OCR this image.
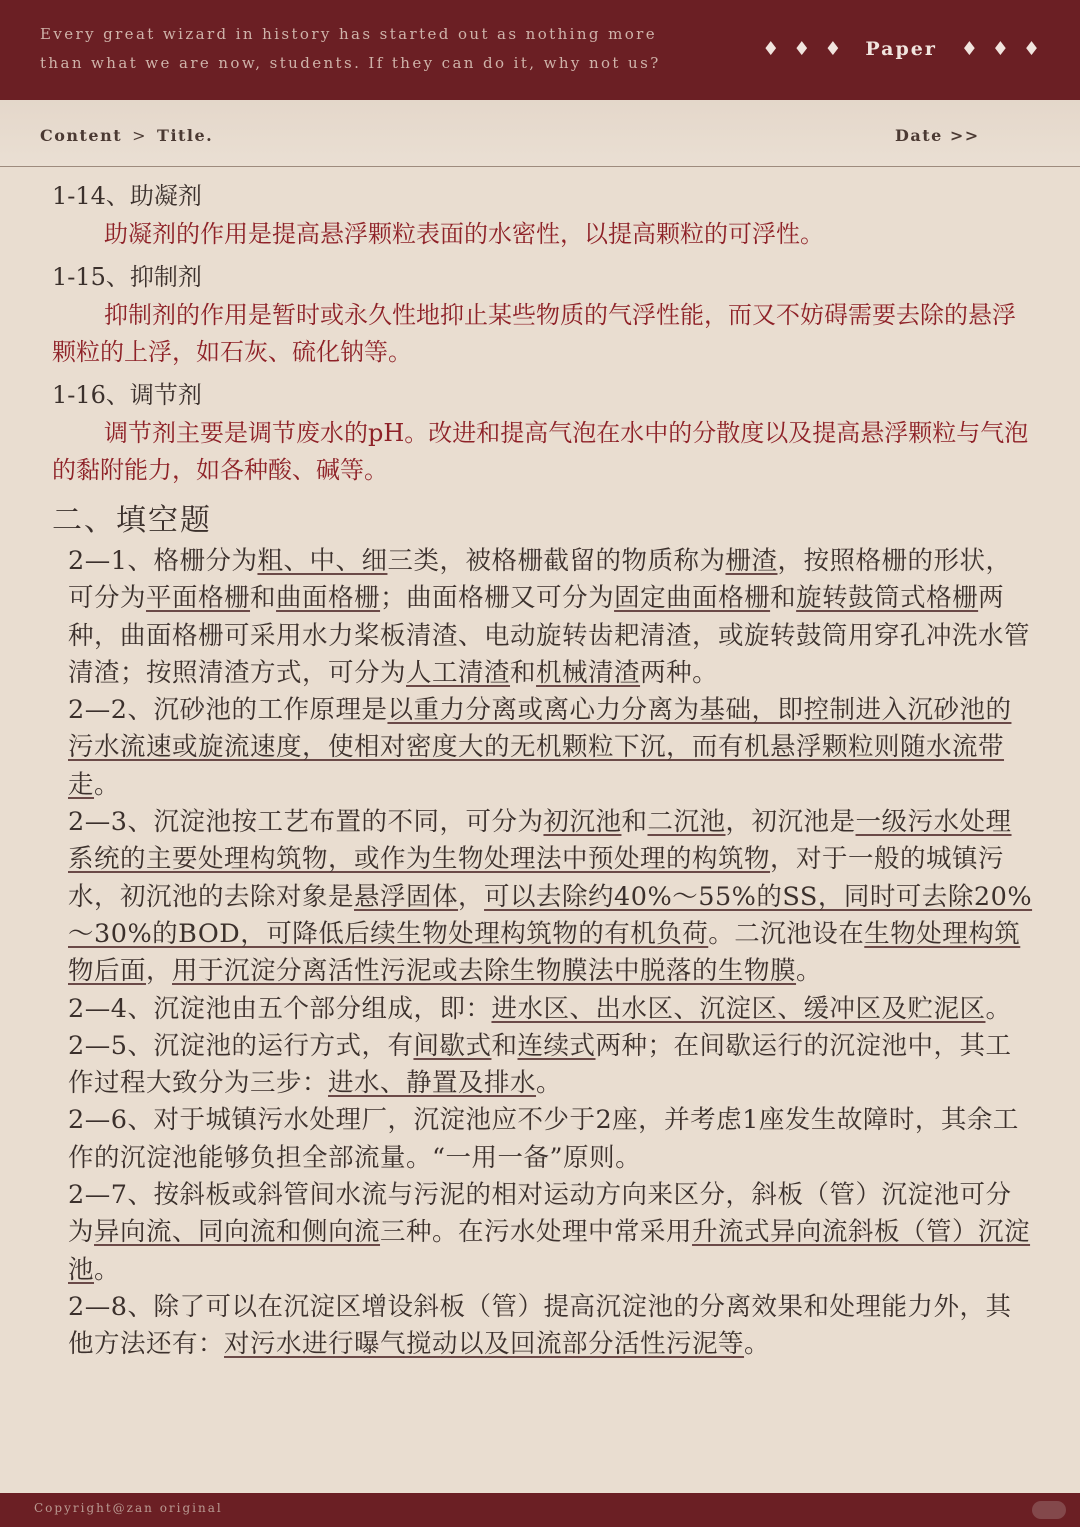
Every great wizard in history has started out as nothing more than what we are now, students. If they can do it, why not us?
♦ ♦ ♦ Paper ♦ ♦ ♦
Content > Title.	Date >>
1-14、助凝剂
助凝剂的作用是提高悬浮颗粒表面的水密性，以提高颗粒的可浮性。
1-15、抑制剂
抑制剂的作用是暂时或永久性地抑止某些物质的气浮性能，而又不妨碍需要去除的悬浮颗粒的上浮，如石灰、硫化钠等。
1-16、调节剂
调节剂主要是调节废水的pH。改进和提高气泡在水中的分散度以及提高悬浮颗粒与气泡的黏附能力，如各种酸、碱等。
二、填空题
2—1、格栅分为粗、中、细三类，被格栅截留的物质称为栅渣，按照格栅的形状，可分为平面格栅和曲面格栅；曲面格栅又可分为固定曲面格栅和旋转鼓筒式格栅两种，曲面格栅可采用水力桨板清渣、电动旋转齿耙清渣，或旋转鼓筒用穿孔冲洗水管清渣；按照清渣方式，可分为人工清渣和机械清渣两种。
2—2、沉砂池的工作原理是以重力分离或离心力分离为基础，即控制进入沉砂池的污水流速或旋流速度，使相对密度大的无机颗粒下沉，而有机悬浮颗粒则随水流带走。
2—3、沉淀池按工艺布置的不同，可分为初沉池和二沉池，初沉池是一级污水处理系统的主要处理构筑物，或作为生物处理法中预处理的构筑物，对于一般的城镇污水，初沉池的去除对象是悬浮固体，可以去除约40%～55%的SS，同时可去除20%～30%的BOD，可降低后续生物处理构筑物的有机负荷。二沉池设在生物处理构筑物后面，用于沉淀分离活性污泥或去除生物膜法中脱落的生物膜。
2—4、沉淀池由五个部分组成，即：进水区、出水区、沉淀区、缓冲区及贮泥区。
2—5、沉淀池的运行方式，有间歇式和连续式两种；在间歇运行的沉淀池中，其工作过程大致分为三步：进水、静置及排水。
2—6、对于城镇污水处理厂，沉淀池应不少于2座，并考虑1座发生故障时，其余工作的沉淀池能够负担全部流量。“一用一备”原则。
2—7、按斜板或斜管间水流与污泥的相对运动方向来区分，斜板（管）沉淀池可分为异向流、同向流和侧向流三种。在污水处理中常采用升流式异向流斜板（管）沉淀池。
2—8、除了可以在沉淀区增设斜板（管）提高沉淀池的分离效果和处理能力外，其他方法还有：对污水进行曝气搅动以及回流部分活性污泥等。
Copyright@zan original
